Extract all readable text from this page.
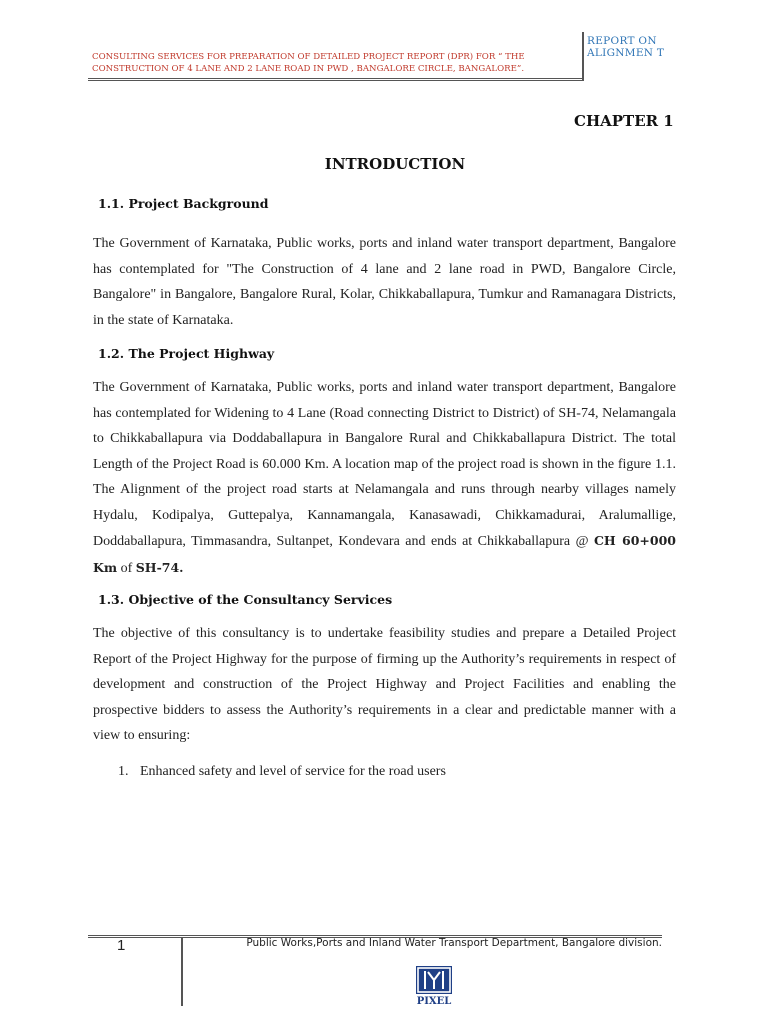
CONSULTING SERVICES FOR PREPARATION OF DETAILED PROJECT REPORT (DPR) FOR “ THE CONSTRUCTION OF 4 LANE AND 2 LANE ROAD IN PWD , BANGALORE CIRCLE, BANGALORE”.
REPORT ON ALIGNMEN T
CHAPTER 1
INTRODUCTION
1.1. Project Background
The Government of Karnataka, Public works, ports and inland water transport department, Bangalore has contemplated for "The Construction of 4 lane and 2 lane road in PWD, Bangalore Circle, Bangalore" in Bangalore, Bangalore Rural, Kolar, Chikkaballapura, Tumkur and Ramanagara Districts, in the state of Karnataka.
1.2. The Project Highway
The Government of Karnataka, Public works, ports and inland water transport department, Bangalore has contemplated for Widening to 4 Lane (Road connecting District to District) of SH-74, Nelamangala to Chikkaballapura via Doddaballapura in Bangalore Rural and Chikkaballapura District. The total Length of the Project Road is 60.000 Km. A location map of the project road is shown in the figure 1.1. The Alignment of the project road starts at Nelamangala and runs through nearby villages namely Hydalu, Kodipalya, Guttepalya, Kannamangala, Kanasawadi, Chikkamadurai, Aralumallige, Doddaballapura, Timmasandra, Sultanpet, Kondevara and ends at Chikkaballapura @ CH 60+000 Km of SH-74.
1.3. Objective of the Consultancy Services
The objective of this consultancy is to undertake feasibility studies and prepare a Detailed Project Report of the Project Highway for the purpose of firming up the Authority’s requirements in respect of development and construction of the Project Highway and Project Facilities and enabling the prospective bidders to assess the Authority’s requirements in a clear and predictable manner with a view to ensuring:
1. Enhanced safety and level of service for the road users
1	Public Works,Ports and Inland Water Transport Department, Bangalore division.
PIXEL
